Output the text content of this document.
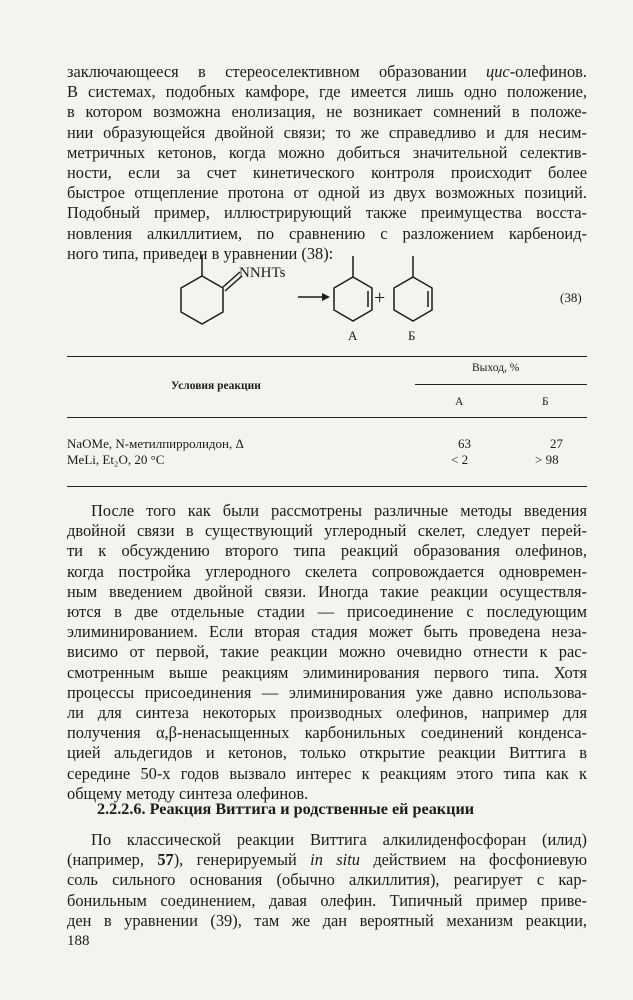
заключающееся в стереоселективном образовании цис-олефинов.
В системах, подобных камфоре, где имеется лишь одно положение,
в котором возможна енолизация, не возникает сомнений в положе-
нии образующейся двойной связи; то же справедливо и для несим-
метричных кетонов, когда можно добиться значительной селектив-
ности, если за счет кинетического контроля происходит более
быстрое отщепление протона от одной из двух возможных позиций.
Подобный пример, иллюстрирующий также преимущества восста-
новления алкиллитием, по сравнению с разложением карбеноид-
ного типа, приведен в уравнении (38):
NNHTs
+
A	Б
(38)
Выход, %
Условия реакции
А	Б
NaOMe, N-метилпирролидон, Δ	63	27
MeLi, Et₂O, 20 °C	< 2	> 98
После того как были рассмотрены различные методы введения
двойной связи в существующий углеродный скелет, следует перей-
ти к обсуждению второго типа реакций образования олефинов,
когда постройка углеродного скелета сопровождается одновремен-
ным введением двойной связи. Иногда такие реакции осуществля-
ются в две отдельные стадии — присоединение с последующим
элиминированием. Если вторая стадия может быть проведена неза-
висимо от первой, такие реакции можно очевидно отнести к рас-
смотренным выше реакциям элиминирования первого типа. Хотя
процессы присоединения — элиминирования уже давно использова-
ли для синтеза некоторых производных олефинов, например для
получения α,β-ненасыщенных карбонильных соединений конденса-
цией альдегидов и кетонов, только открытие реакции Виттига в
середине 50-х годов вызвало интерес к реакциям этого типа как к
общему методу синтеза олефинов.
2.2.2.6. Реакция Виттига и родственные ей реакции
По классической реакции Виттига алкилиденфосфоран (илид)
(например, 57), генерируемый in situ действием на фосфониевую
соль сильного основания (обычно алкиллития), реагирует с кар-
бонильным соединением, давая олефин. Типичный пример приве-
ден в уравнении (39), там же дан вероятный механизм реакции,
188
